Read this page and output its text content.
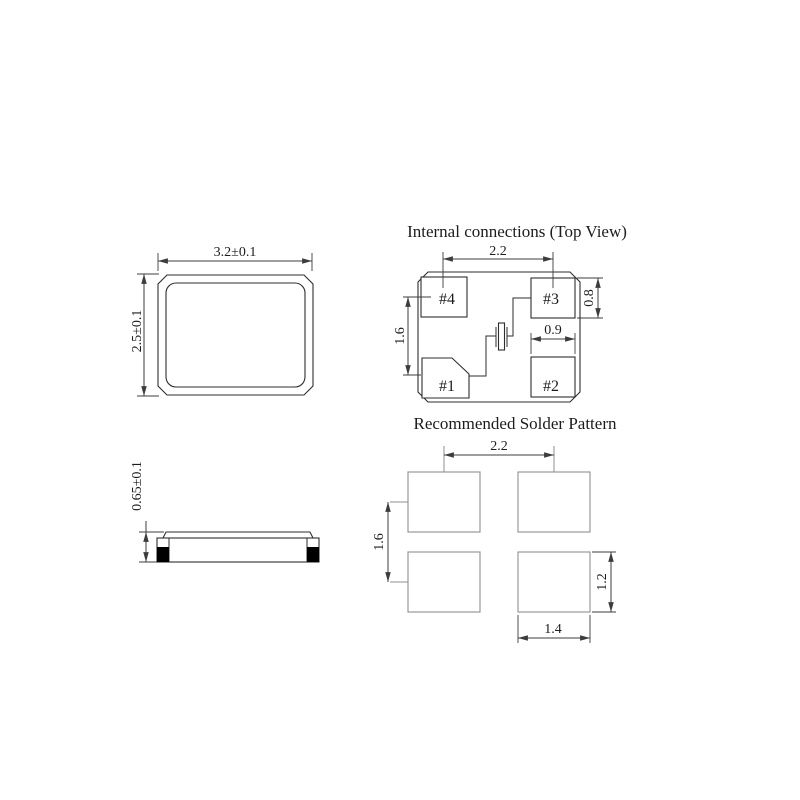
3.2±0.1
2.5±0.1
0.65±0.1
Internal connections (Top View)
#4	#3
#1	#2
2.2
1.6
0.8
0.9
Recommended Solder Pattern
2.2
1.6
1.2
1.4
